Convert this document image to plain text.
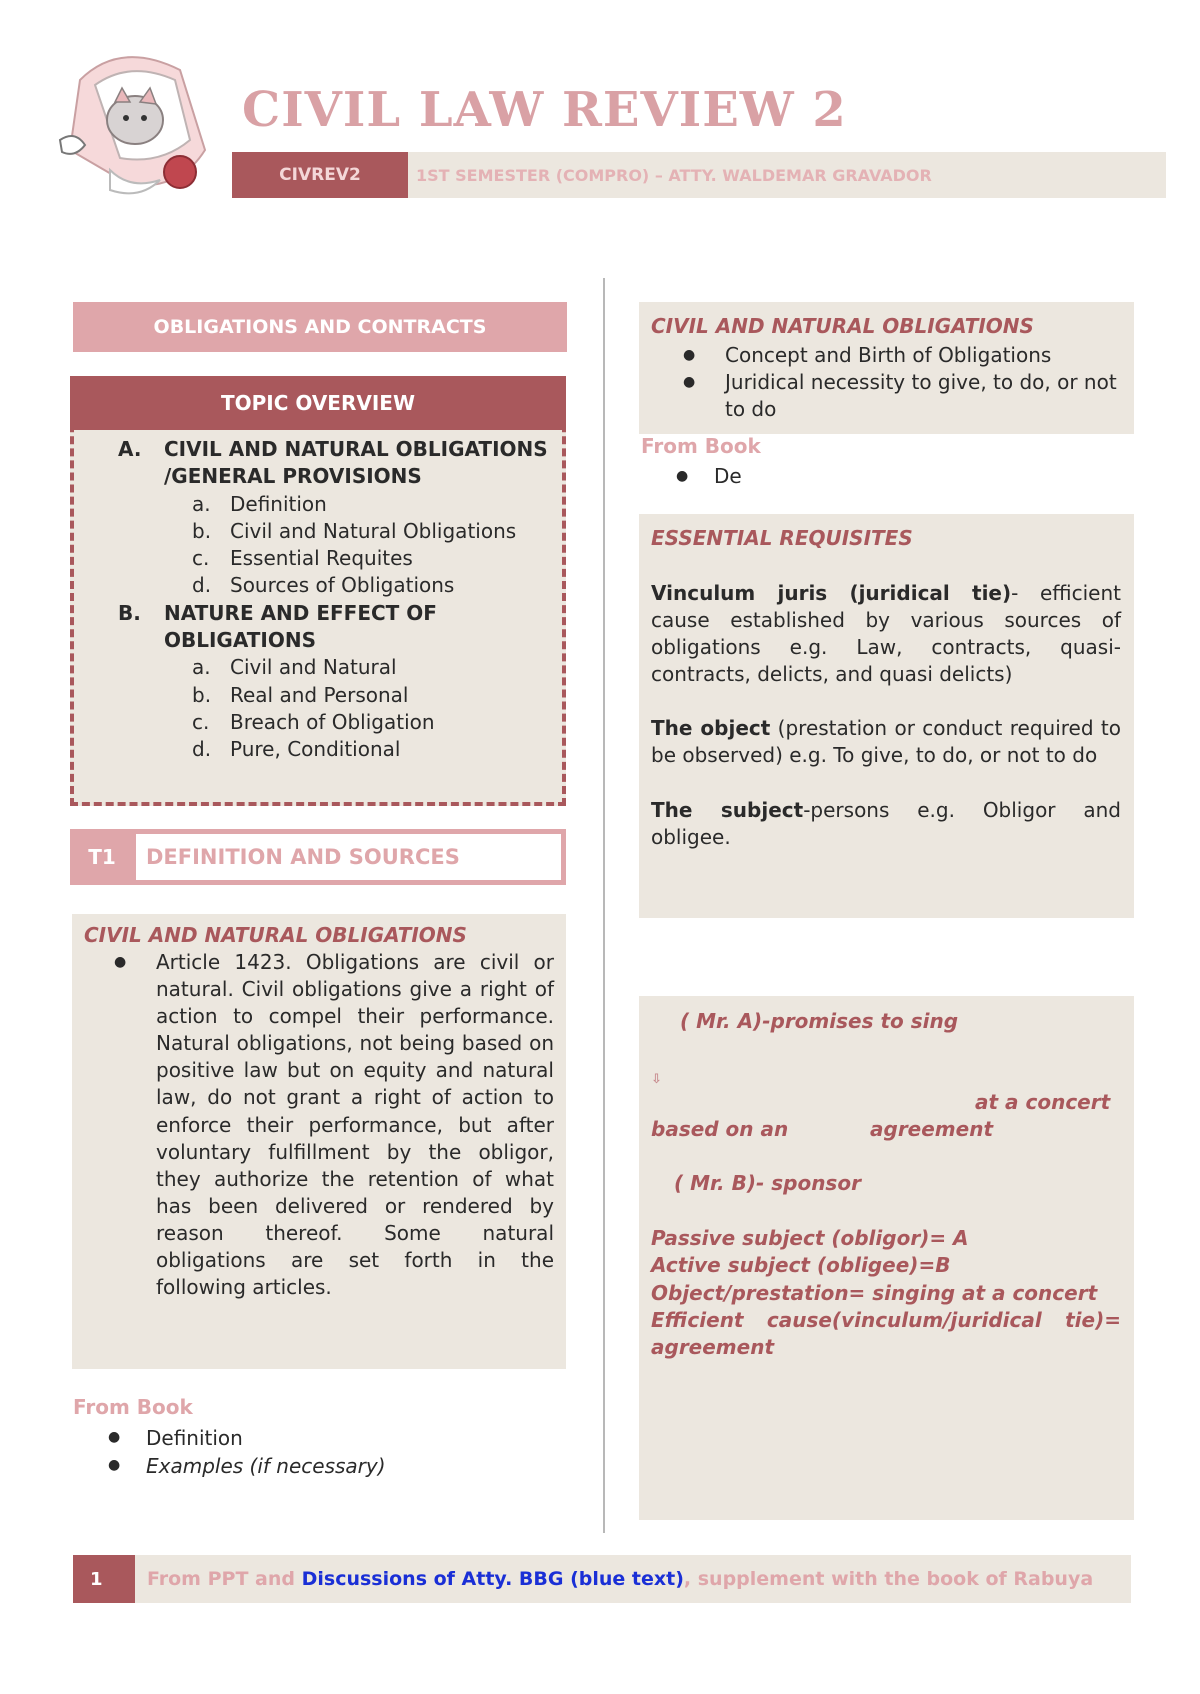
CIVIL LAW REVIEW 2
CIVREV2	1ST SEMESTER (COMPRO) – ATTY. WALDEMAR GRAVADOR
OBLIGATIONS AND CONTRACTS
TOPIC OVERVIEW
A.	CIVIL AND NATURAL OBLIGATIONS /GENERAL PROVISIONS
a. Definition
b. Civil and Natural Obligations
c.	Essential Requites
d. Sources of Obligations
B.	NATURE AND EFFECT OF OBLIGATIONS
a. Civil and Natural
b. Real and Personal
c.	Breach of Obligation
d. Pure, Conditional
T1	DEFINITION AND SOURCES
CIVIL AND NATURAL OBLIGATIONS
●	Article 1423. Obligations are civil or natural. Civil obligations give a right of action to compel their performance. Natural obligations, not being based on positive law but on equity and natural law, do not grant a right of action to enforce their performance, but after voluntary fulfillment by the obligor, they authorize the retention of what has been delivered or rendered by reason thereof. Some natural obligations are set forth in the following articles.
From Book
●	Definition
●	Examples (if necessary)
CIVIL AND NATURAL OBLIGATIONS
●	Concept and Birth of Obligations
●	Juridical necessity to give, to do, or not to do
From Book
●	De
ESSENTIAL REQUISITES

Vinculum juris (juridical tie)- efficient cause established by various sources of obligations e.g. Law, contracts, quasi-contracts, delicts, and quasi delicts)

The object (prestation or conduct required to be observed) e.g. To give, to do, or not to do

The subject-persons e.g. Obligor and obligee.

( Mr. A)-promises to sing
⇩
at a concert
based on an	agreement
( Mr. B)- sponsor
Passive subject (obligor)= A
Active subject (obligee)=B
Object/prestation= singing at a concert
Efficient cause(vinculum/juridical tie)= agreement
1	From PPT and
Discussions of Atty. BBG (blue text) , supplement with the book of Rabuya
